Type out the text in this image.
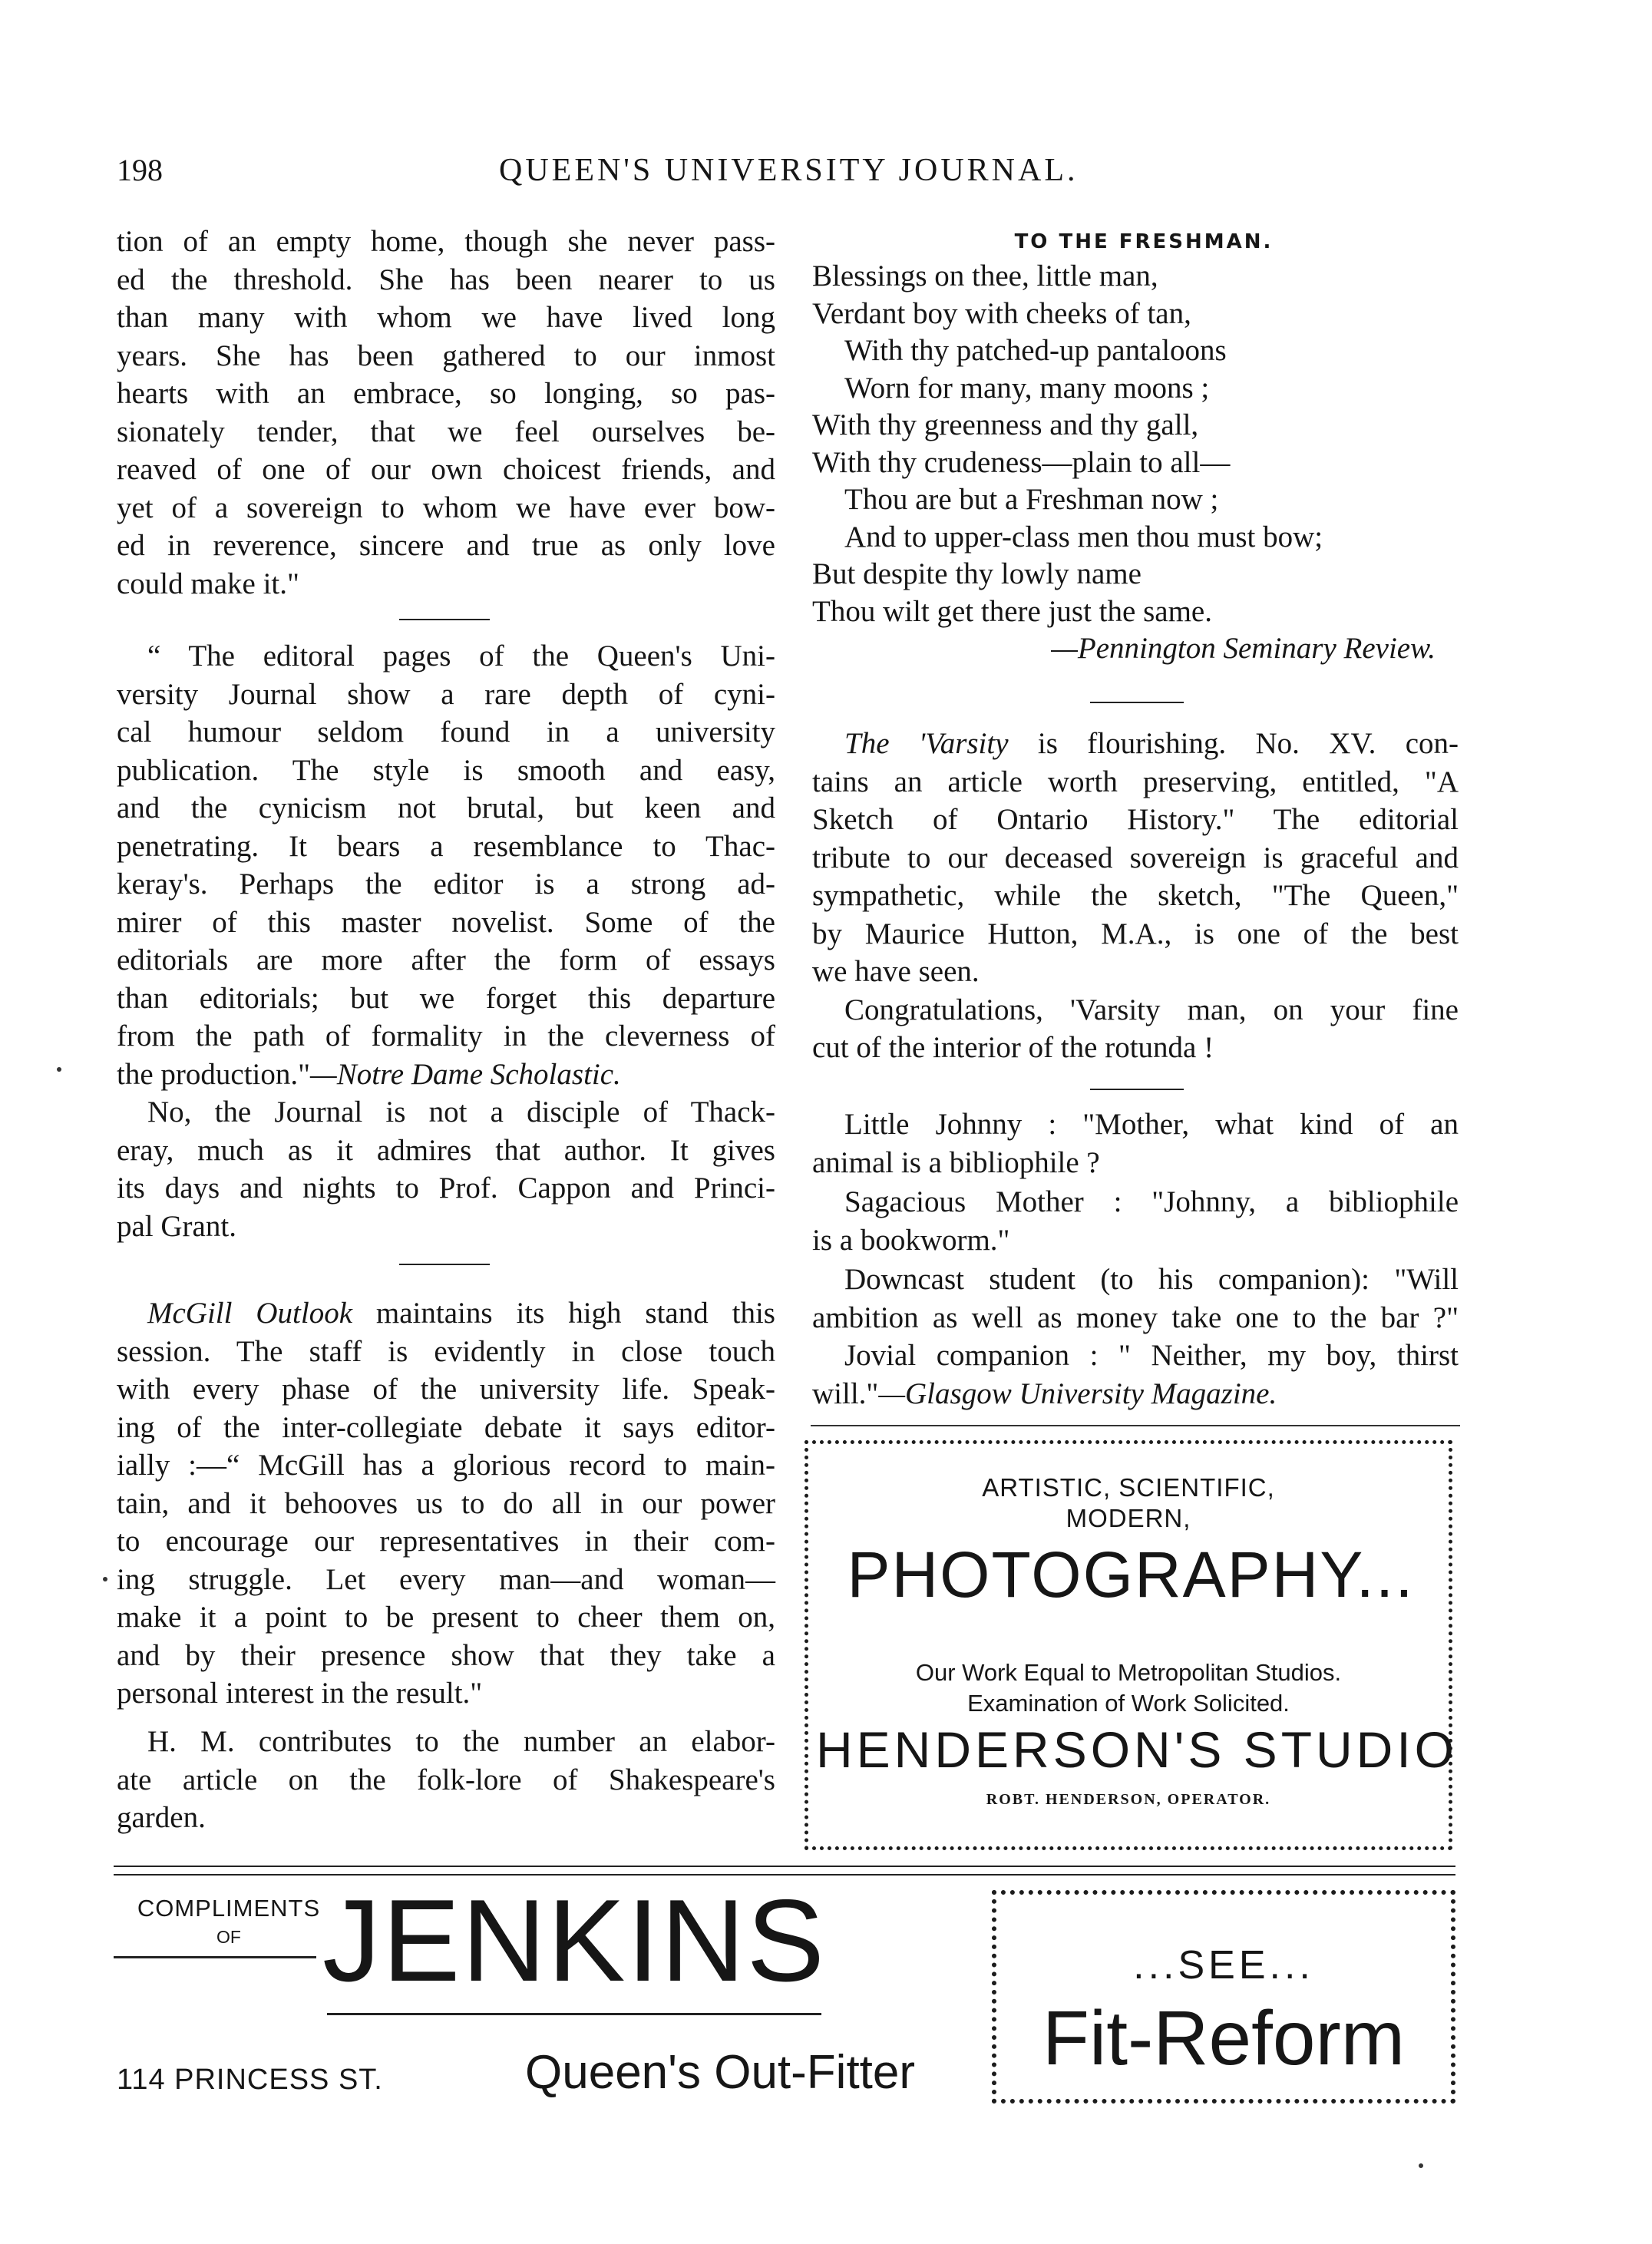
198	QUEEN'S UNIVERSITY JOURNAL.
tion of an empty home, though she never pass-
ed the threshold. She has been nearer to us
than many with whom we have lived long
years. She has been gathered to our inmost
hearts with an embrace, so longing, so pas-
sionately tender, that we feel ourselves be-
reaved of one of our own choicest friends, and
yet of a sovereign to whom we have ever bow-
ed in reverence, sincere and true as only love
could make it."
“ The editoral pages of the Queen's Uni-
versity Journal show a rare depth of cyni-
cal humour seldom found in a university
publication. The style is smooth and easy,
and the cynicism not brutal, but keen and
penetrating. It bears a resemblance to Thac-
keray's. Perhaps the editor is a strong ad-
mirer of this master novelist. Some of the
editorials are more after the form of essays
than editorials; but we forget this departure
from the path of formality in the cleverness of
the production."—Notre Dame Scholastic.
No, the Journal is not a disciple of Thack-
eray, much as it admires that author. It gives
its days and nights to Prof. Cappon and Princi-
pal Grant.
McGill Outlook maintains its high stand this
session. The staff is evidently in close touch
with every phase of the university life. Speak-
ing of the inter-collegiate debate it says editor-
ially :—“ McGill has a glorious record to main-
tain, and it behooves us to do all in our power
to encourage our representatives in their com-
ing struggle. Let every man—and woman—
make it a point to be present to cheer them on,
and by their presence show that they take a
personal interest in the result."
H. M. contributes to the number an elabor-
ate article on the folk-lore of Shakespeare's
garden.
TO THE FRESHMAN.
Blessings on thee, little man,
Verdant boy with cheeks of tan,
With thy patched-up pantaloons
Worn for many, many moons ;
With thy greenness and thy gall,
With thy crudeness—plain to all—
Thou are but a Freshman now ;
And to upper-class men thou must bow;
But despite thy lowly name
Thou wilt get there just the same.
—Pennington Seminary Review.
The 'Varsity is flourishing. No. XV. con-
tains an article worth preserving, entitled, "A
Sketch of Ontario History." The editorial
tribute to our deceased sovereign is graceful and
sympathetic, while the sketch, "The Queen,"
by Maurice Hutton, M.A., is one of the best
we have seen.
Congratulations, 'Varsity man, on your fine
cut of the interior of the rotunda !
Little Johnny : "Mother, what kind of an
animal is a bibliophile ?
Sagacious Mother : "Johnny, a bibliophile
is a bookworm."
Downcast student (to his companion): "Will
ambition as well as money take one to the bar ?"
Jovial companion : " Neither, my boy, thirst
will."—Glasgow University Magazine.
ARTISTIC, SCIENTIFIC,
MODERN,
PHOTOGRAPHY...
Our Work Equal to Metropolitan Studios.
Examination of Work Solicited.
HENDERSON'S STUDIO
ROBT. HENDERSON, OPERATOR.
COMPLIMENTS
OF JENKINS
114 PRINCESS ST.	Queen's Out-Fitter
...SEE...
Fit-Reform
